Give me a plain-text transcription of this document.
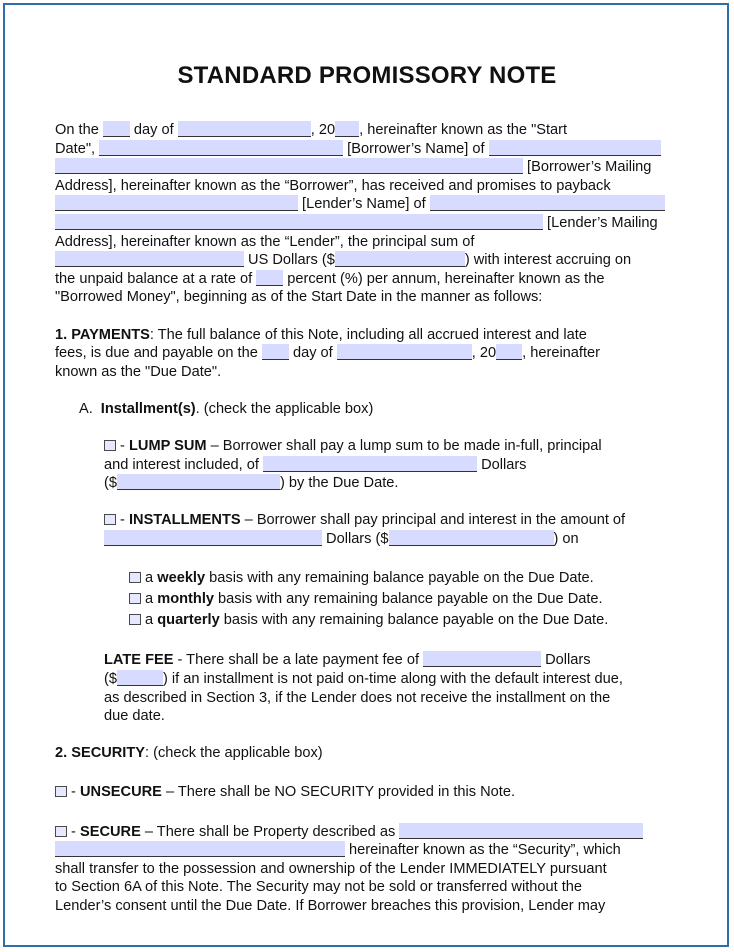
STANDARD PROMISSORY NOTE
On the  day of	, 20 , hereinafter known as the "Start
Date",	[Borrower’s Name] of
[Borrower’s Mailing
Address], hereinafter known as the “Borrower”, has received and promises to payback
[Lender’s Name] of
[Lender’s Mailing
Address], hereinafter known as the “Lender”, the principal sum of
US Dollars ($	) with interest accruing on
the unpaid balance at a rate of  percent (%) per annum, hereinafter known as the
"Borrowed Money", beginning as of the Start Date in the manner as follows:
1. PAYMENTS: The full balance of this Note, including all accrued interest and late
fees, is due and payable on the  day of	, 20 , hereinafter
known as the "Due Date".
A. Installment(s). (check the applicable box)
- LUMP SUM – Borrower shall pay a lump sum to be made in-full, principal
and interest included, of	Dollars
($	) by the Due Date.
- INSTALLMENTS – Borrower shall pay principal and interest in the amount of
Dollars ($	) on
a weekly basis with any remaining balance payable on the Due Date.
a monthly basis with any remaining balance payable on the Due Date.
a quarterly basis with any remaining balance payable on the Due Date.
LATE FEE - There shall be a late payment fee of	Dollars
($	) if an installment is not paid on-time along with the default interest due,
as described in Section 3, if the Lender does not receive the installment on the
due date.
2. SECURITY: (check the applicable box)
- UNSECURE – There shall be NO SECURITY provided in this Note.
- SECURE – There shall be Property described as
hereinafter known as the “Security”, which
shall transfer to the possession and ownership of the Lender IMMEDIATELY pursuant
to Section 6A of this Note. The Security may not be sold or transferred without the
Lender’s consent until the Due Date. If Borrower breaches this provision, Lender may
